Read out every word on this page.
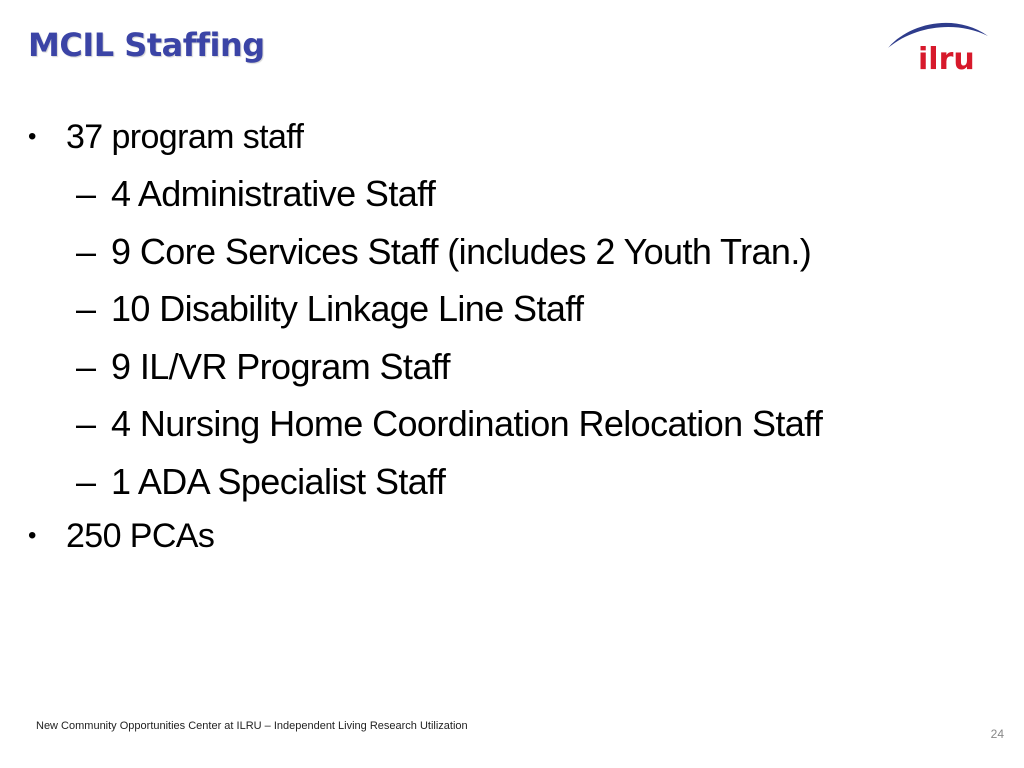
MCIL Staffing	ilru
• 37 program staff
– 4 Administrative Staff
– 9 Core Services Staff (includes 2 Youth Tran.)
– 10 Disability Linkage Line Staff
– 9 IL/VR Program Staff
– 4 Nursing Home Coordination Relocation Staff
– 1 ADA Specialist Staff
• 250 PCAs
New Community Opportunities Center at ILRU – Independent Living Research Utilization
24
